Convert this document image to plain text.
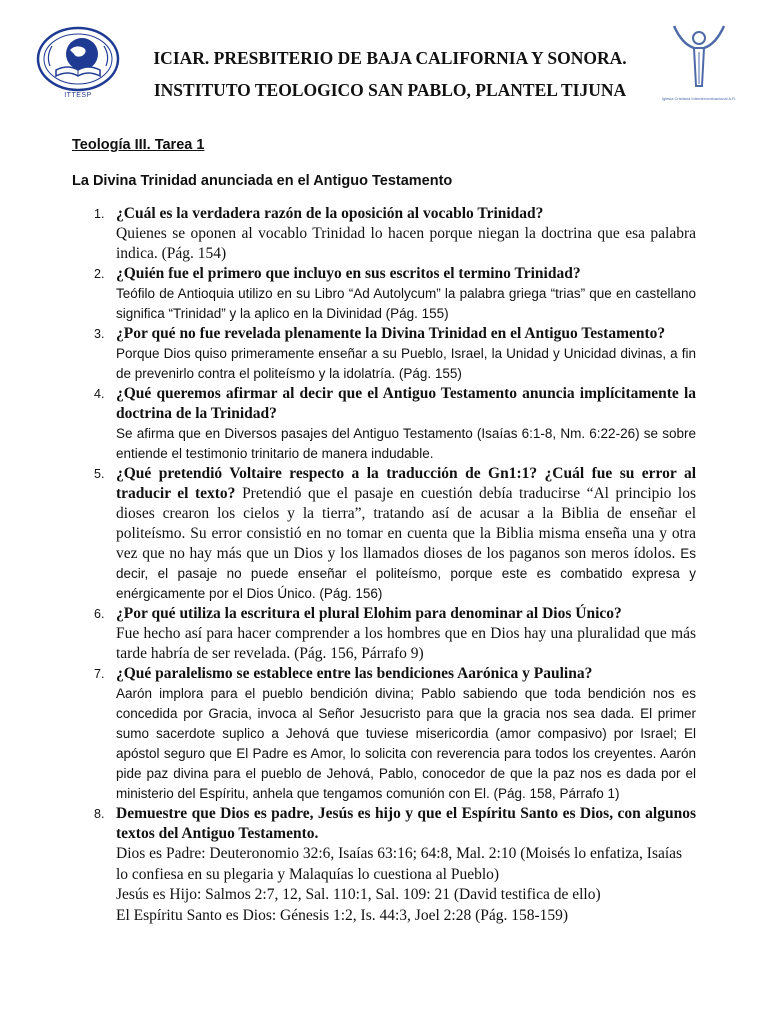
ITTESP
ICIAR. PRESBITERIO DE BAJA CALIFORNIA Y SONORA.
INSTITUTO TEOLOGICO SAN PABLO, PLANTEL TIJUNA	Iglesia Cristiana Interdenominacional A.R.
Teología III. Tarea 1
La Divina Trinidad anunciada en el Antiguo Testamento
1. ¿Cuál es la verdadera razón de la oposición al vocablo Trinidad?

Quienes se oponen al vocablo Trinidad lo hacen porque niegan la doctrina que esa palabra indica. (Pág. 154)

2. ¿Quién fue el primero que incluyo en sus escritos el termino Trinidad?

Teófilo de Antioquia utilizo en su Libro “Ad Autolycum” la palabra griega “trias” que en castellano significa “Trinidad” y la aplico en la Divinidad (Pág. 155)

3. ¿Por qué no fue revelada plenamente la Divina Trinidad en el Antiguo Testamento?

Porque Dios quiso primeramente enseñar a su Pueblo, Israel, la Unidad y Unicidad divinas, a fin de prevenirlo contra el politeísmo y la idolatría. (Pág. 155)

4. ¿Qué queremos afirmar al decir que el Antiguo Testamento anuncia implícitamente la doctrina de la Trinidad?

Se afirma que en Diversos pasajes del Antiguo Testamento (Isaías 6:1-8, Nm. 6:22-26) se sobre entiende el testimonio trinitario de manera indudable.

5. ¿Qué pretendió Voltaire respecto a la traducción de Gn1:1? ¿Cuál fue su error al traducir el texto? Pretendió que el pasaje en cuestión debía traducirse “Al principio los dioses crearon los cielos y la tierra”, tratando así de acusar a la Biblia de enseñar el politeísmo. Su error consistió en no tomar en cuenta que la Biblia misma enseña una y otra vez que no hay más que un Dios y los llamados dioses de los paganos son meros ídolos. Es decir, el pasaje no puede enseñar el politeísmo, porque este es combatido expresa y enérgicamente por el Dios Único. (Pág. 156)

6. ¿Por qué utiliza la escritura el plural Elohim para denominar al Dios Único?

Fue hecho así para hacer comprender a los hombres que en Dios hay una pluralidad que más tarde habría de ser revelada. (Pág. 156, Párrafo 9)

7. ¿Qué paralelismo se establece entre las bendiciones Aarónica y Paulina?

Aarón implora para el pueblo bendición divina; Pablo sabiendo que toda bendición nos es concedida por Gracia, invoca al Señor Jesucristo para que la gracia nos sea dada. El primer sumo sacerdote suplico a Jehová que tuviese misericordia (amor compasivo) por Israel; El apóstol seguro que El Padre es Amor, lo solicita con reverencia para todos los creyentes. Aarón pide paz divina para el pueblo de Jehová, Pablo, conocedor de que la paz nos es dada por el ministerio del Espíritu, anhela que tengamos comunión con El. (Pág. 158, Párrafo 1)

8. Demuestre que Dios es padre, Jesús es hijo y que el Espíritu Santo es Dios, con algunos textos del Antiguo Testamento.

Dios es Padre: Deuteronomio 32:6, Isaías 63:16; 64:8, Mal. 2:10 (Moisés lo enfatiza, Isaías lo confiesa en su plegaria y Malaquías lo cuestiona al Pueblo)
Jesús es Hijo: Salmos 2:7, 12, Sal. 110:1, Sal. 109: 21 (David testifica de ello)
El Espíritu Santo es Dios: Génesis 1:2, Is. 44:3, Joel 2:28 (Pág. 158-159)
